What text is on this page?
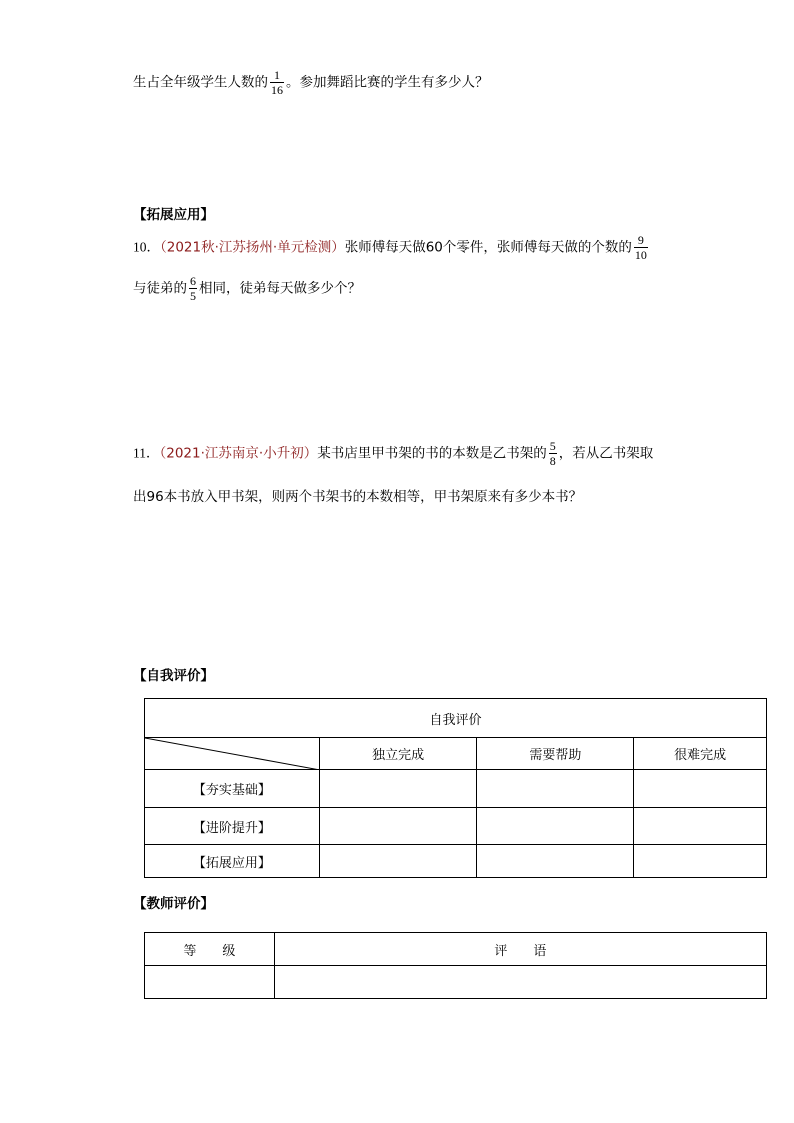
生占全年级学生人数的 $\frac{1}{16}$ 。参加舞蹈比赛的学生有多少人？
【拓展应用】
10．（2021秋·江苏扬州·单元检测）张师傅每天做60个零件，张师傅每天做的个数的 $\frac{9}{10}$
与徒弟的 $\frac{6}{5}$ 相同，徒弟每天做多少个？
11．（2021·江苏南京·小升初）某书店里甲书架的书的本数是乙书架的 $\frac{5}{8}$ ，若从乙书架取
出96本书放入甲书架，则两个书架书的本数相等，甲书架原来有多少本书？
【自我评价】
自我评价			

	独立完成	需要帮助	很难完成
【夯实基础】			
【进阶提升】			
【拓展应用】			
【教师评价】
等　　级	评　　语
